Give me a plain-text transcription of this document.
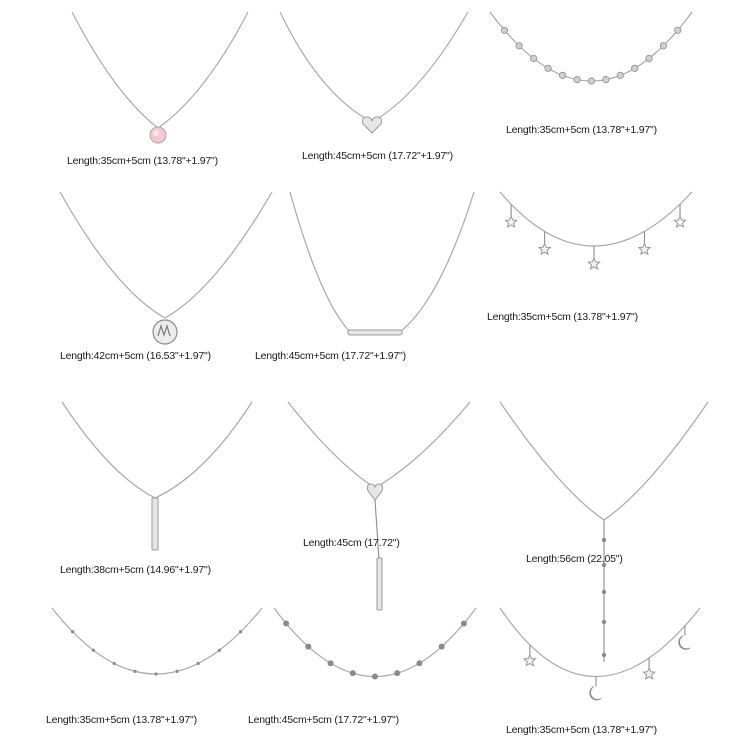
Length:35cm+5cm (13.78"+1.97")	Length:45cm+5cm (17.72"+1.97")
Length:35cm+5cm (13.78"+1.97")
Length:42cm+5cm (16.53"+1.97")	Length:45cm+5cm (17.72"+1.97")
Length:35cm+5cm (13.78"+1.97")
Length:38cm+5cm (14.96"+1.97")
Length:45cm (17.72")
Length:56cm (22.05")
Length:35cm+5cm (13.78"+1.97")	Length:45cm+5cm (17.72"+1.97")
Length:35cm+5cm (13.78"+1.97")
